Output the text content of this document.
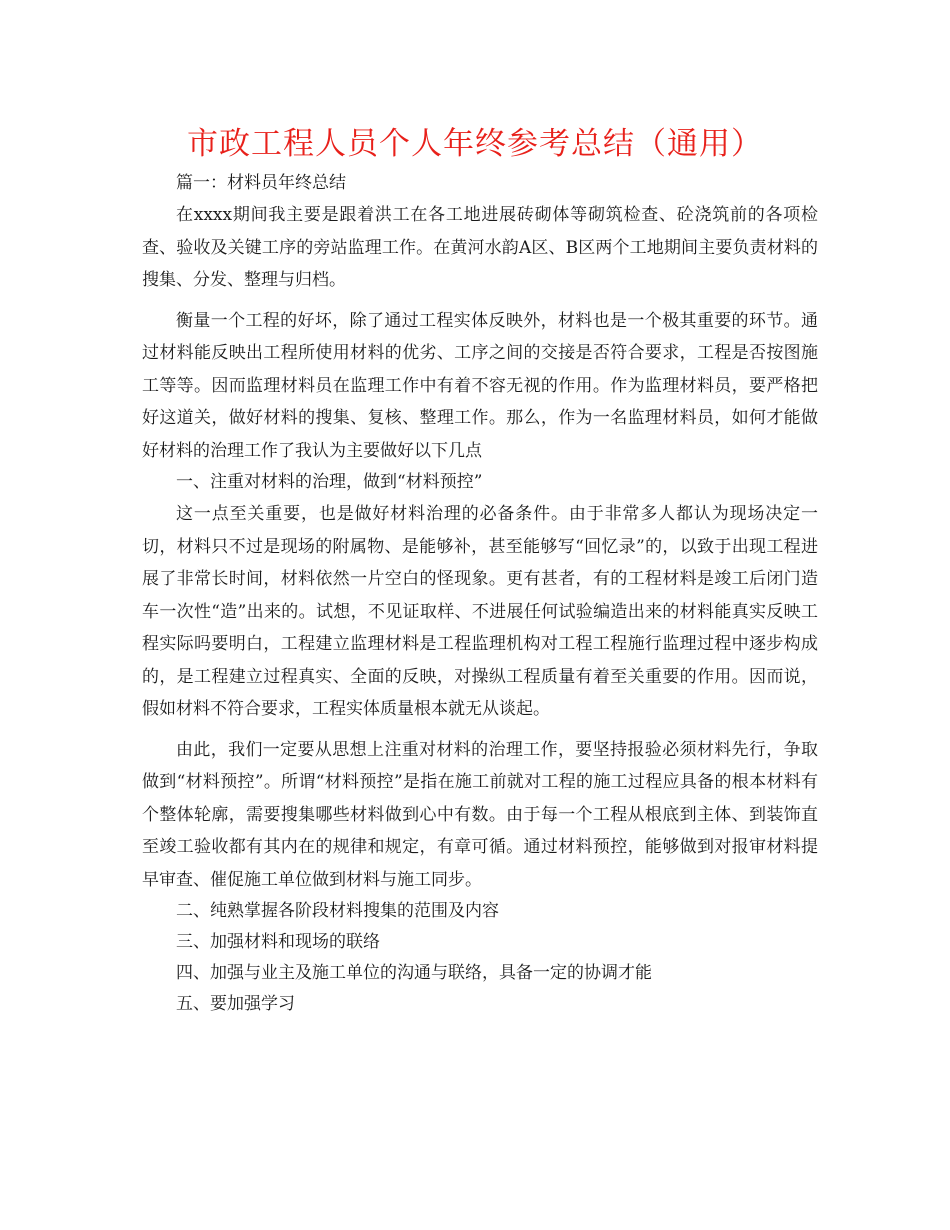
市政工程人员个人年终参考总结（通用）

篇一：材料员年终总结

在xxxx期间我主要是跟着洪工在各工地进展砖砌体等砌筑检查、砼浇筑前的各项检查、验收及关键工序的旁站监理工作。在黄河水韵A区、B区两个工地期间主要负责材料的搜集、分发、整理与归档。

衡量一个工程的好坏，除了通过工程实体反映外，材料也是一个极其重要的环节。通过材料能反映出工程所使用材料的优劣、工序之间的交接是否符合要求，工程是否按图施工等等。因而监理材料员在监理工作中有着不容无视的作用。作为监理材料员，要严格把好这道关，做好材料的搜集、复核、整理工作。那么，作为一名监理材料员，如何才能做好材料的治理工作了我认为主要做好以下几点

一、注重对材料的治理，做到“材料预控”

这一点至关重要，也是做好材料治理的必备条件。由于非常多人都认为现场决定一切，材料只不过是现场的附属物、是能够补，甚至能够写“回忆录”的，以致于出现工程进展了非常长时间，材料依然一片空白的怪现象。更有甚者，有的工程材料是竣工后闭门造车一次性“造”出来的。试想，不见证取样、不进展任何试验编造出来的材料能真实反映工程实际吗要明白，工程建立监理材料是工程监理机构对工程工程施行监理过程中逐步构成的，是工程建立过程真实、全面的反映，对操纵工程质量有着至关重要的作用。因而说，假如材料不符合要求，工程实体质量根本就无从谈起。

由此，我们一定要从思想上注重对材料的治理工作，要坚持报验必须材料先行，争取做到“材料预控”。所谓“材料预控”是指在施工前就对工程的施工过程应具备的根本材料有个整体轮廓，需要搜集哪些材料做到心中有数。由于每一个工程从根底到主体、到装饰直至竣工验收都有其内在的规律和规定，有章可循。通过材料预控，能够做到对报审材料提早审查、催促施工单位做到材料与施工同步。

二、纯熟掌握各阶段材料搜集的范围及内容

三、加强材料和现场的联络

四、加强与业主及施工单位的沟通与联络，具备一定的协调才能

五、要加强学习
